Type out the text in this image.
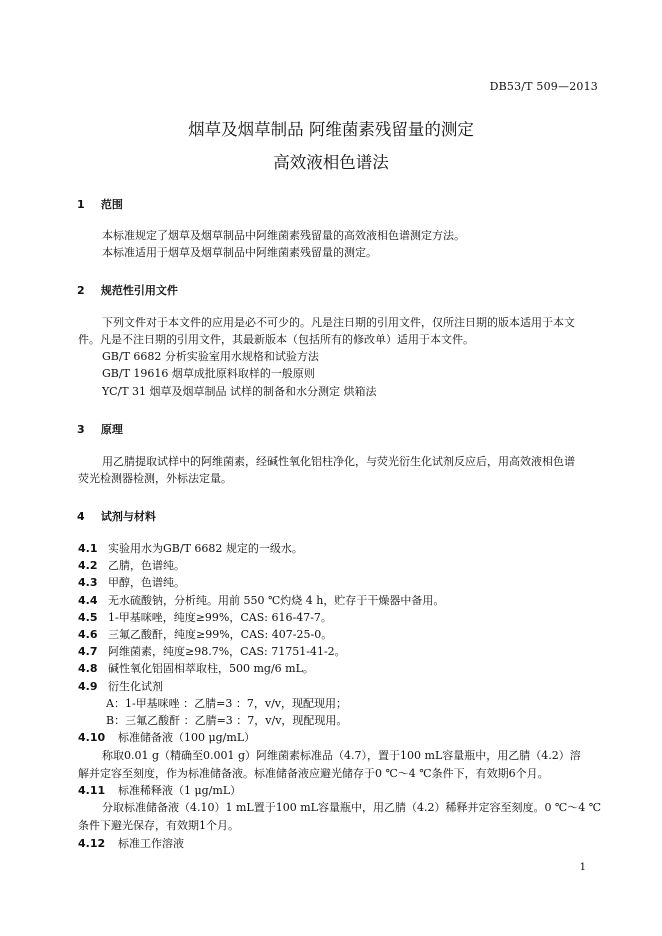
DB53/T 509—2013
烟草及烟草制品 阿维菌素残留量的测定
高效液相色谱法
1 范围
本标准规定了烟草及烟草制品中阿维菌素残留量的高效液相色谱测定方法。
本标准适用于烟草及烟草制品中阿维菌素残留量的测定。
2 规范性引用文件
下列文件对于本文件的应用是必不可少的。凡是注日期的引用文件，仅所注日期的版本适用于本文
件。凡是不注日期的引用文件，其最新版本（包括所有的修改单）适用于本文件。
GB/T 6682 分析实验室用水规格和试验方法
GB/T 19616 烟草成批原料取样的一般原则
YC/T 31 烟草及烟草制品 试样的制备和水分测定 烘箱法
3 原理
用乙腈提取试样中的阿维菌素，经碱性氧化铝柱净化，与荧光衍生化试剂反应后，用高效液相色谱
荧光检测器检测，外标法定量。
4 试剂与材料
4.1 实验用水为GB/T 6682 规定的一级水。
4.2 乙腈，色谱纯。
4.3 甲醇，色谱纯。
4.4 无水硫酸钠，分析纯。用前 550 ℃灼烧 4 h，贮存于干燥器中备用。
4.5 1-甲基咪唑，纯度≥99%，CAS: 616-47-7。
4.6 三氟乙酸酐，纯度≥99%，CAS: 407-25-0。
4.7 阿维菌素，纯度≥98.7%，CAS: 71751-41-2。
4.8 碱性氧化铝固相萃取柱，500 mg/6 mL。
4.9 衍生化试剂
A：1-甲基咪唑 ：乙腈=3 ：7，v/v，现配现用；
B：三氟乙酸酐 ：乙腈=3 ：7，v/v，现配现用。
4.10 标准储备液（100 μg/mL）
称取0.01 g（精确至0.001 g）阿维菌素标准品（4.7），置于100 mL容量瓶中，用乙腈（4.2）溶
解并定容至刻度，作为标准储备液。标准储备液应避光储存于0 ℃～4 ℃条件下，有效期6个月。
4.11 标准稀释液（1 μg/mL）
分取标准储备液（4.10）1 mL置于100 mL容量瓶中，用乙腈（4.2）稀释并定容至刻度。0 ℃～4 ℃
条件下避光保存，有效期1个月。
4.12 标准工作溶液
1
